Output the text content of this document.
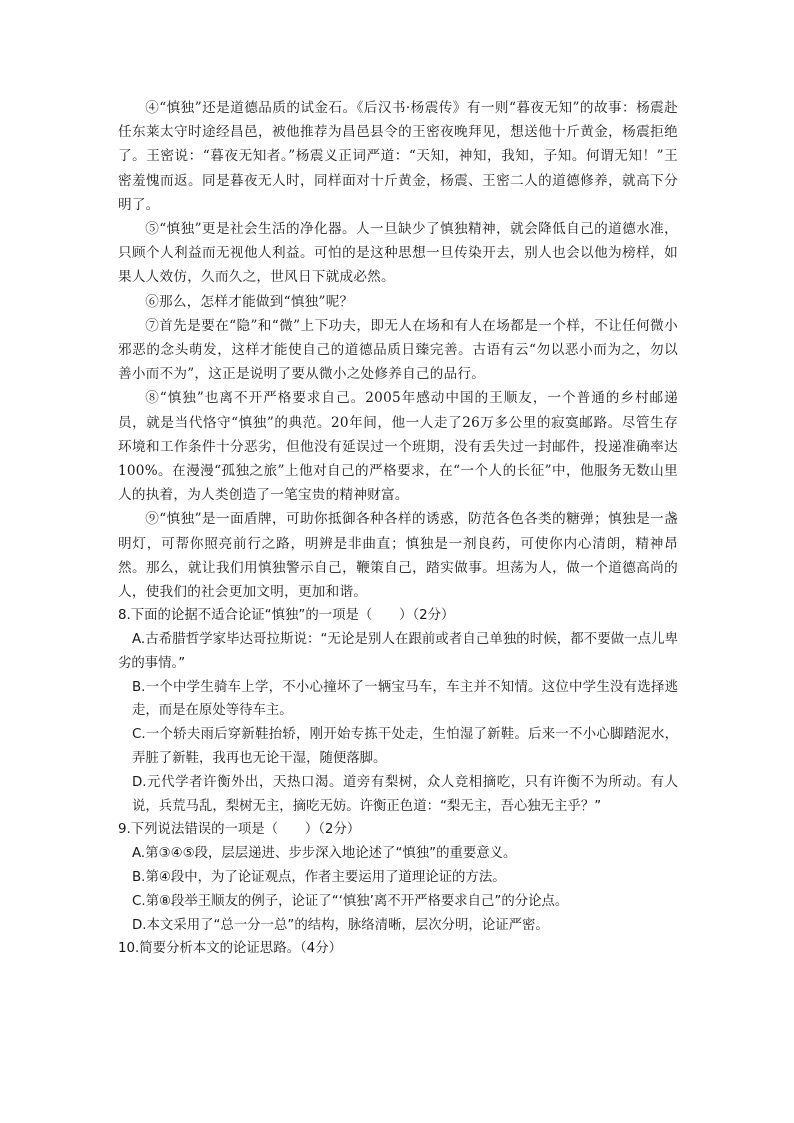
④“慎独”还是道德品质的试金石。《后汉书·杨震传》有一则“暮夜无知”的故事：杨震赴任东莱太守时途经昌邑，被他推荐为昌邑县令的王密夜晚拜见，想送他十斤黄金，杨震拒绝了。王密说：“暮夜无知者。”杨震义正词严道：“天知，神知，我知，子知。何谓无知！”王密羞愧而返。同是暮夜无人时，同样面对十斤黄金，杨震、王密二人的道德修养，就高下分明了。

⑤“慎独”更是社会生活的净化器。人一旦缺少了慎独精神，就会降低自己的道德水准，只顾个人利益而无视他人利益。可怕的是这种思想一旦传染开去，别人也会以他为榜样，如果人人效仿，久而久之，世风日下就成必然。

⑥那么，怎样才能做到“慎独”呢？

⑦首先是要在“隐”和“微”上下功夫，即无人在场和有人在场都是一个样，不让任何微小邪恶的念头萌发，这样才能使自己的道德品质日臻完善。古语有云“勿以恶小而为之，勿以善小而不为”，这正是说明了要从微小之处修养自己的品行。

⑧“慎独”也离不开严格要求自己。2005年感动中国的王顺友，一个普通的乡村邮递员，就是当代恪守“慎独”的典范。20年间，他一人走了26万多公里的寂寞邮路。尽管生存环境和工作条件十分恶劣，但他没有延误过一个班期，没有丢失过一封邮件，投递准确率达100%。在漫漫“孤独之旅”上他对自己的严格要求，在“一个人的长征”中，他服务无数山里人的执着，为人类创造了一笔宝贵的精神财富。

⑨“慎独”是一面盾牌，可助你抵御各种各样的诱惑，防范各色各类的糖弹；慎独是一盏明灯，可帮你照亮前行之路，明辨是非曲直；慎独是一剂良药，可使你内心清朗，精神昂然。那么，就让我们用慎独警示自己，鞭策自己，踏实做事。坦荡为人，做一个道德高尚的人，使我们的社会更加文明，更加和谐。

8.下面的论据不适合论证“慎独”的一项是（　　）（2分）

A.古希腊哲学家毕达哥拉斯说：“无论是别人在跟前或者自己单独的时候，都不要做一点儿卑劣的事情。”

B.一个中学生骑车上学，不小心撞坏了一辆宝马车，车主并不知情。这位中学生没有选择逃走，而是在原处等待车主。

C.一个轿夫雨后穿新鞋抬轿，刚开始专拣干处走，生怕湿了新鞋。后来一不小心脚踏泥水，弄脏了新鞋，我再也无论干湿，随便落脚。

D.元代学者许衡外出，天热口渴。道旁有梨树，众人竞相摘吃，只有许衡不为所动。有人说，兵荒马乱，梨树无主，摘吃无妨。许衡正色道：“梨无主，吾心独无主乎？”

9.下列说法错误的一项是（　　）（2分）

A.第③④⑤段，层层递进、步步深入地论述了“慎独”的重要意义。

B.第④段中，为了论证观点，作者主要运用了道理论证的方法。

C.第⑧段举王顺友的例子，论证了“‘慎独’离不开严格要求自己”的分论点。

D.本文采用了“总一分一总”的结构，脉络清晰，层次分明，论证严密。

10.简要分析本文的论证思路。（4分）
